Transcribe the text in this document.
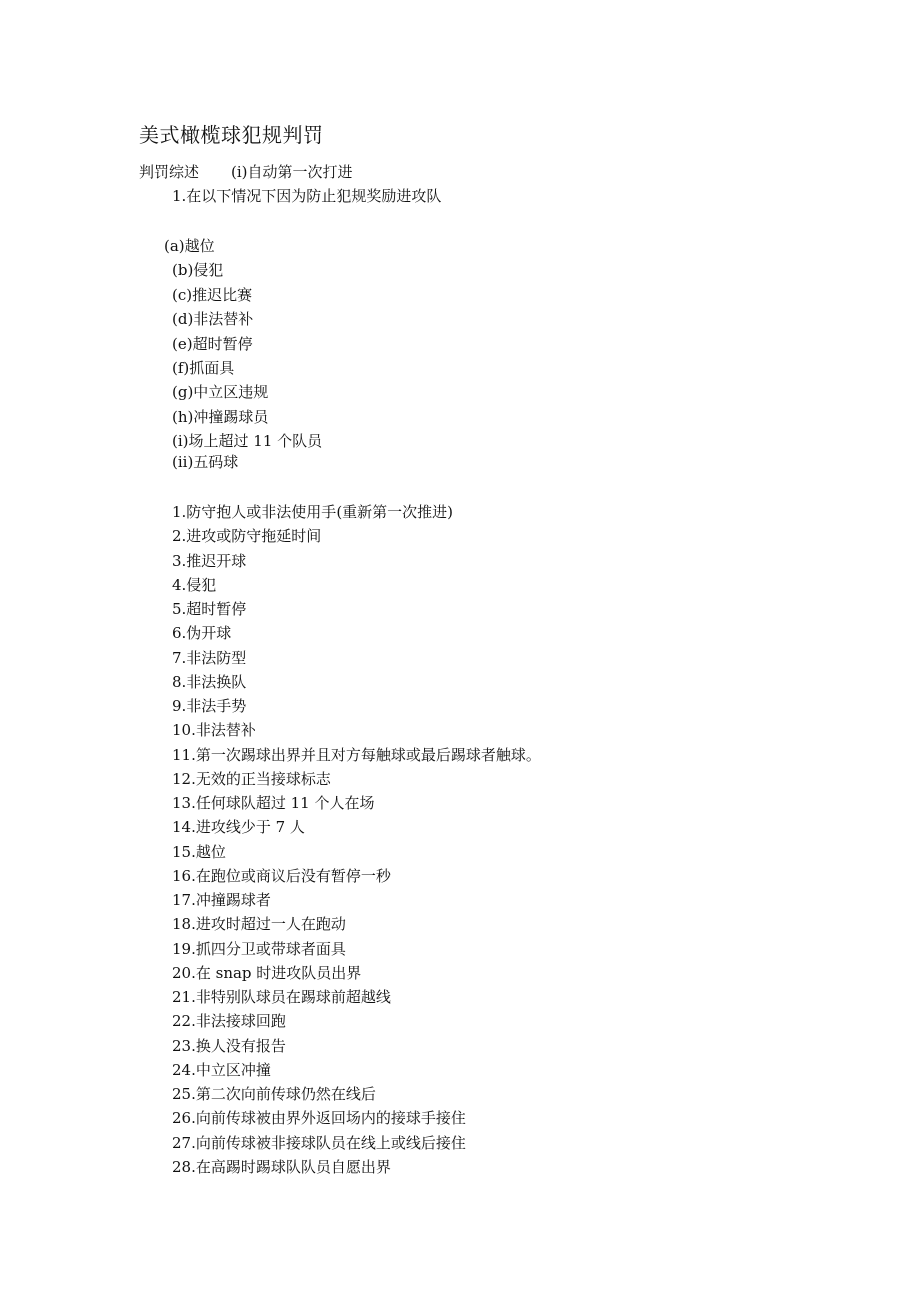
美式橄榄球犯规判罚
判罚综述 (i)自动第一次打进
1.在以下情况下因为防止犯规奖励进攻队
(a)越位
(b)侵犯
(c)推迟比赛
(d)非法替补
(e)超时暂停
(f)抓面具
(g)中立区违规
(h)冲撞踢球员
(i)场上超过 11 个队员
(ii)五码球
1.防守抱人或非法使用手(重新第一次推进)
2.进攻或防守拖延时间
3.推迟开球
4.侵犯
5.超时暂停
6.伪开球
7.非法防型
8.非法换队
9.非法手势
10.非法替补
11.第一次踢球出界并且对方每触球或最后踢球者触球。
12.无效的正当接球标志
13.任何球队超过 11 个人在场
14.进攻线少于 7 人
15.越位
16.在跑位或商议后没有暂停一秒
17.冲撞踢球者
18.进攻时超过一人在跑动
19.抓四分卫或带球者面具
20.在 snap 时进攻队员出界
21.非特别队球员在踢球前超越线
22.非法接球回跑
23.换人没有报告
24.中立区冲撞
25.第二次向前传球仍然在线后
26.向前传球被由界外返回场内的接球手接住
27.向前传球被非接球队员在线上或线后接住
28.在高踢时踢球队队员自愿出界
